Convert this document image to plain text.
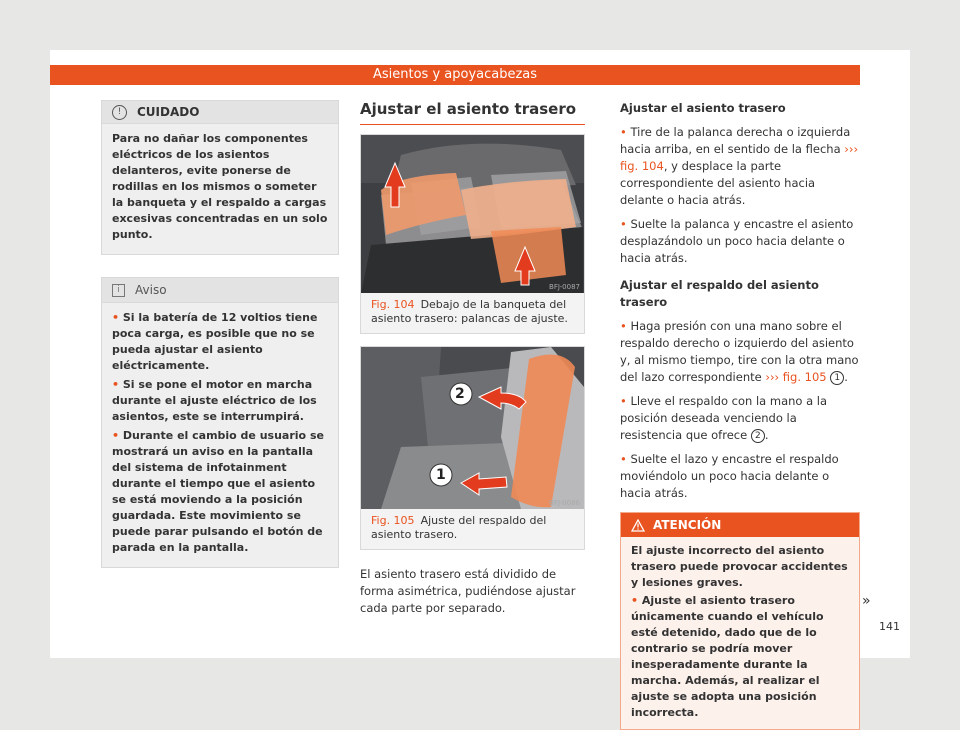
Asientos y apoyacabezas
!	CUIDADO

Para no dañar los componentes eléctricos de los asientos delanteros, evite ponerse de rodillas en los mismos o someter la banqueta y el respaldo a cargas excesivas concentradas en un solo punto.

i	Aviso

• Si la batería de 12 voltios tiene poca carga, es posible que no se pueda ajustar el asiento eléctricamente.

• Si se pone el motor en marcha durante el ajuste eléctrico de los asientos, este se interrumpirá.

• Durante el cambio de usuario se mostrará un aviso en la pantalla del sistema de infotainment durante el tiempo que el asiento se está moviendo a la posición guardada. Este movimiento se puede parar pulsando el botón de parada en la pantalla.

Ajustar el asiento trasero
BFJ-0087
Fig. 104 Debajo de la banqueta del asiento trasero: palancas de ajuste.
2
1
BFJ-0086
Fig. 105 Ajuste del respaldo del asiento trasero.

El asiento trasero está dividido de forma asimétrica, pudiéndose ajustar cada parte por separado.

Ajustar el asiento trasero

• Tire de la palanca derecha o izquierda hacia arriba, en el sentido de la flecha ››› fig. 104, y desplace la parte correspondiente del asiento hacia delante o hacia atrás.

• Suelte la palanca y encastre el asiento desplazándolo un poco hacia delante o hacia atrás.

Ajustar el respaldo del asiento trasero

• Haga presión con una mano sobre el respaldo derecho o izquierdo del asiento y, al mismo tiempo, tire con la otra mano del lazo correspondiente ››› fig. 105 1 .

• Lleve el respaldo con la mano a la posición deseada venciendo la resistencia que ofrece 2 .

• Suelte el lazo y encastre el respaldo moviéndolo un poco hacia delante o hacia atrás.

ATENCIÓN

El ajuste incorrecto del asiento trasero puede provocar accidentes y lesiones graves.

• Ajuste el asiento trasero únicamente cuando el vehículo esté detenido, dado que de lo contrario se podría mover inesperadamente durante la marcha. Además, al realizar el ajuste se adopta una posición incorrecta.

»
141
